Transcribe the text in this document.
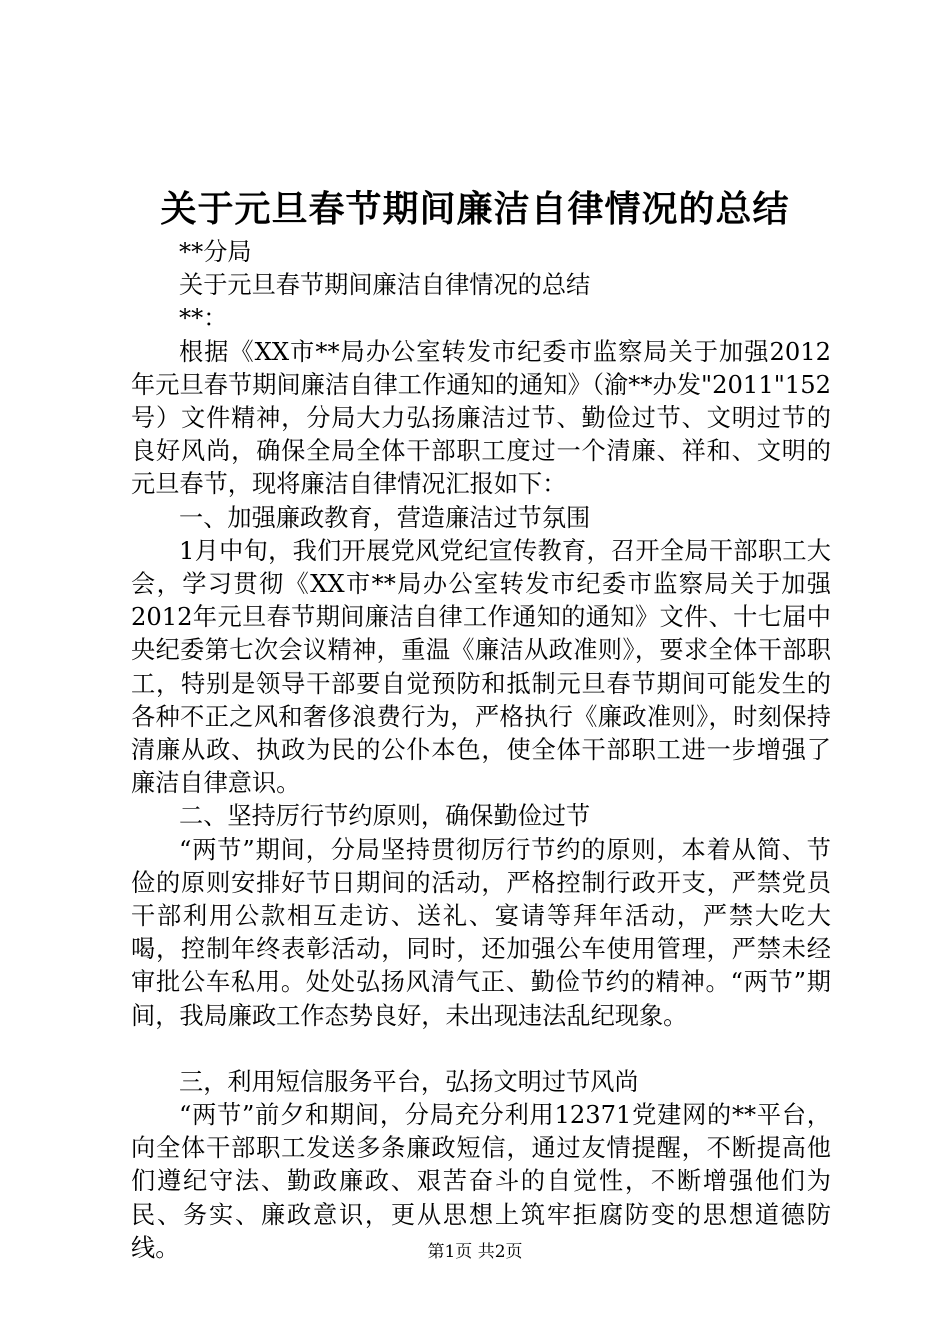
关于元旦春节期间廉洁自律情况的总结

**分局

关于元旦春节期间廉洁自律情况的总结

**：

根据《XX市**局办公室转发市纪委市监察局关于加强2012年元旦春节期间廉洁自律工作通知的通知》（渝**办发"2011"152号）文件精神，分局大力弘扬廉洁过节、勤俭过节、文明过节的良好风尚，确保全局全体干部职工度过一个清廉、祥和、文明的元旦春节，现将廉洁自律情况汇报如下：

一、加强廉政教育，营造廉洁过节氛围

1月中旬，我们开展党风党纪宣传教育，召开全局干部职工大会，学习贯彻《XX市**局办公室转发市纪委市监察局关于加强2012年元旦春节期间廉洁自律工作通知的通知》文件、十七届中央纪委第七次会议精神，重温《廉洁从政准则》，要求全体干部职工，特别是领导干部要自觉预防和抵制元旦春节期间可能发生的各种不正之风和奢侈浪费行为，严格执行《廉政准则》，时刻保持清廉从政、执政为民的公仆本色，使全体干部职工进一步增强了廉洁自律意识。

二、坚持厉行节约原则，确保勤俭过节

“两节”期间，分局坚持贯彻厉行节约的原则，本着从简、节俭的原则安排好节日期间的活动，严格控制行政开支，严禁党员干部利用公款相互走访、送礼、宴请等拜年活动，严禁大吃大喝，控制年终表彰活动，同时，还加强公车使用管理，严禁未经审批公车私用。处处弘扬风清气正、勤俭节约的精神。“两节”期间，我局廉政工作态势良好，未出现违法乱纪现象。

三，利用短信服务平台，弘扬文明过节风尚

“两节”前夕和期间，分局充分利用12371党建网的**平台，向全体干部职工发送多条廉政短信，通过友情提醒，不断提高他们遵纪守法、勤政廉政、艰苦奋斗的自觉性，不断增强他们为民、务实、廉政意识，更从思想上筑牢拒腐防变的思想道德防线。	第1页 共2页
